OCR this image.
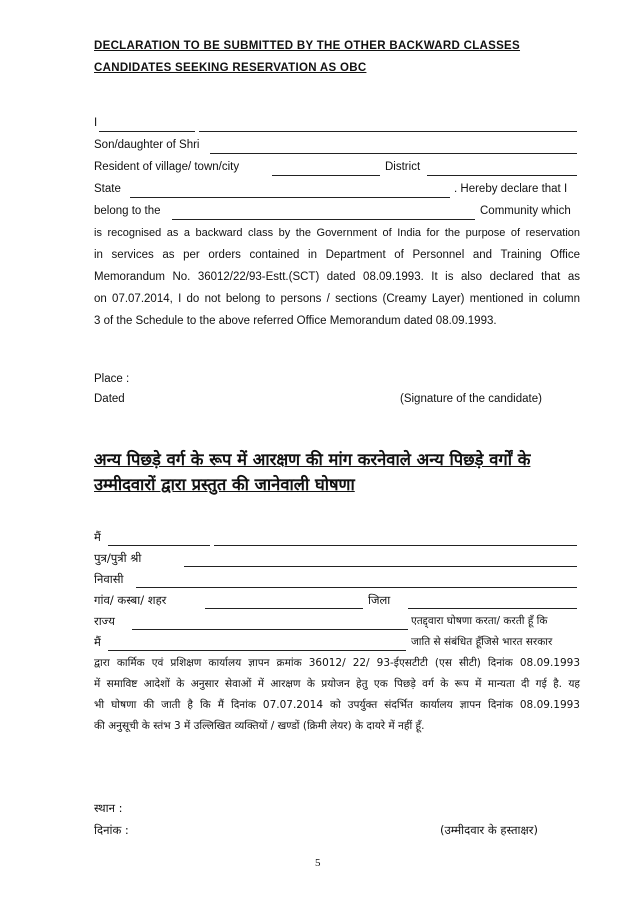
DECLARATION TO BE SUBMITTED BY THE OTHER BACKWARD CLASSES
CANDIDATES SEEKING RESERVATION AS OBC
I
Son/daughter of Shri
Resident of village/ town/city	District
State	. Hereby declare that I
belong to the	Community which
is recognised as a backward class by the Government of India for the purpose of reservation
in services as per orders contained in Department of Personnel and Training Office
Memorandum No. 36012/22/93-Estt.(SCT) dated 08.09.1993. It is also declared that as
on 07.07.2014, I do not belong to persons / sections (Creamy Layer) mentioned in column
3 of the Schedule to the above referred Office Memorandum dated 08.09.1993.
Place :
Dated	(Signature of the candidate)
अन्य पिछड़े वर्ग के रूप में आरक्षण की मांग करनेवाले अन्य पिछड़े वर्गों के
उम्मीदवारों द्वारा प्रस्तुत की जानेवाली घोषणा
मैं
पुत्र/पुत्री श्री
निवासी
गांव/ कस्बा/ शहर	जिला
राज्य	एतद्द्वारा घोषणा करता/ करती हूँ कि
मैं	जाति से संबंधित हूँजिसे भारत सरकार
द्वारा कार्मिक एवं प्रशिक्षण कार्यालय ज्ञापन क्रमांक 36012/ 22/ 93-ईएसटीटी (एस सीटी) दिनांक 08.09.1993
में समाविष्ट आदेशों के अनुसार सेवाओं में आरक्षण के प्रयोजन हेतु एक पिछड़े वर्ग के रूप में मान्यता दी गई है. यह
भी घोषणा की जाती है कि मैं दिनांक 07.07.2014 को उपर्युक्त संदर्भित कार्यालय ज्ञापन दिनांक 08.09.1993
की अनुसूची के स्तंभ 3 में उल्लिखित व्यक्तियों / खण्डों (क्रिमी लेयर) के दायरे में नहीं हूँ.
स्थान :
दिनांक :	(उम्मीदवार के हस्ताक्षर)
5
